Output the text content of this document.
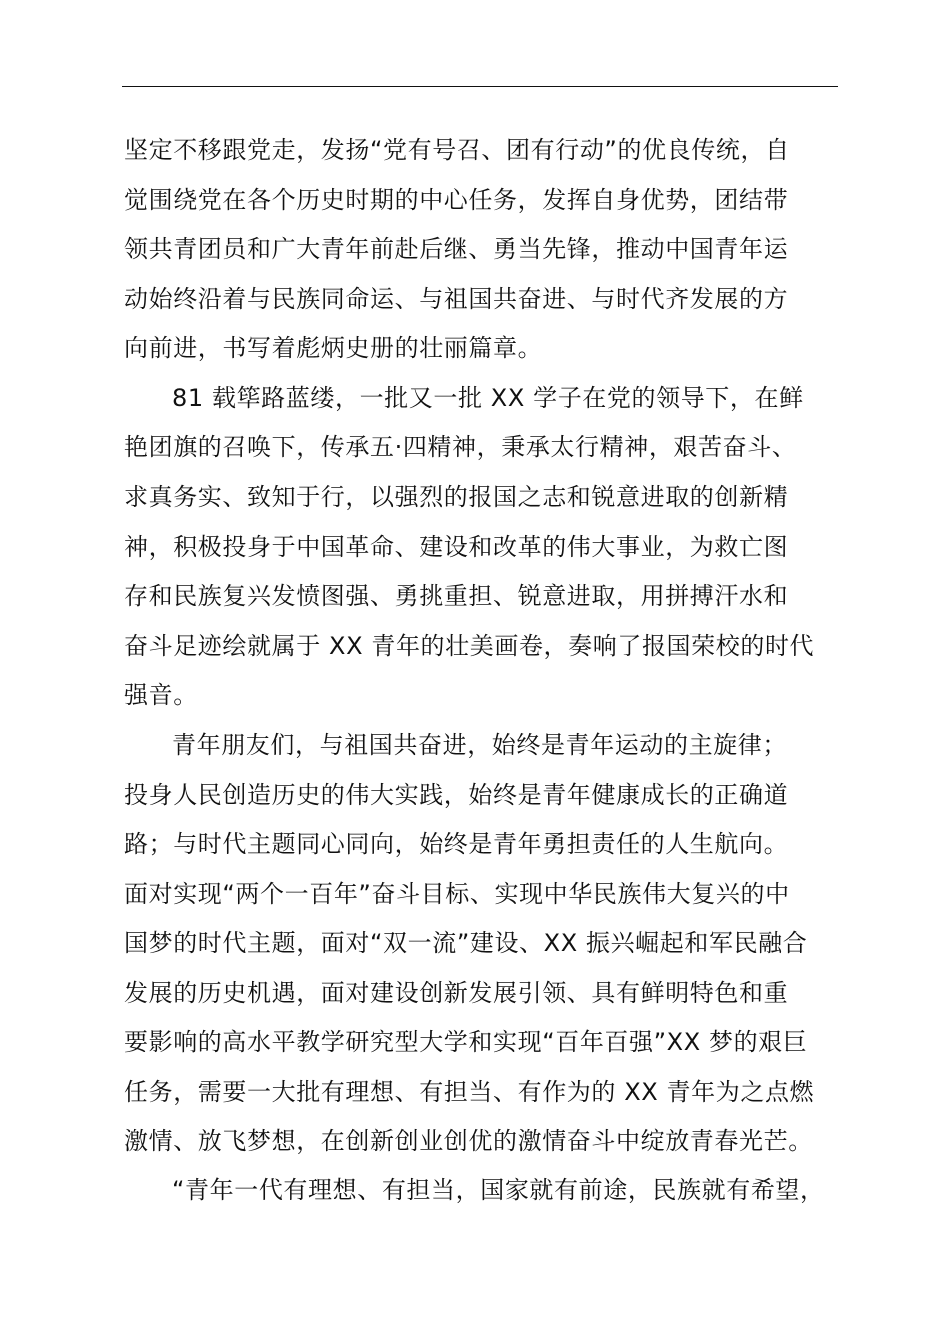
坚定不移跟党走，发扬“党有号召、团有行动”的优良传统，自
觉围绕党在各个历史时期的中心任务，发挥自身优势，团结带
领共青团员和广大青年前赴后继、勇当先锋，推动中国青年运
动始终沿着与民族同命运、与祖国共奋进、与时代齐发展的方
向前进，书写着彪炳史册的壮丽篇章。
81 载筚路蓝缕，一批又一批 XX 学子在党的领导下，在鲜
艳团旗的召唤下，传承五·四精神，秉承太行精神，艰苦奋斗、
求真务实、致知于行，以强烈的报国之志和锐意进取的创新精
神，积极投身于中国革命、建设和改革的伟大事业，为救亡图
存和民族复兴发愤图强、勇挑重担、锐意进取，用拼搏汗水和
奋斗足迹绘就属于 XX 青年的壮美画卷，奏响了报国荣校的时代
强音。
青年朋友们，与祖国共奋进，始终是青年运动的主旋律；
投身人民创造历史的伟大实践，始终是青年健康成长的正确道
路；与时代主题同心同向，始终是青年勇担责任的人生航向。
面对实现“两个一百年”奋斗目标、实现中华民族伟大复兴的中
国梦的时代主题，面对“双一流”建设、XX 振兴崛起和军民融合
发展的历史机遇，面对建设创新发展引领、具有鲜明特色和重
要影响的高水平教学研究型大学和实现“百年百强”XX 梦的艰巨
任务，需要一大批有理想、有担当、有作为的 XX 青年为之点燃
激情、放飞梦想，在创新创业创优的激情奋斗中绽放青春光芒。
“青年一代有理想、有担当，国家就有前途，民族就有希望，
